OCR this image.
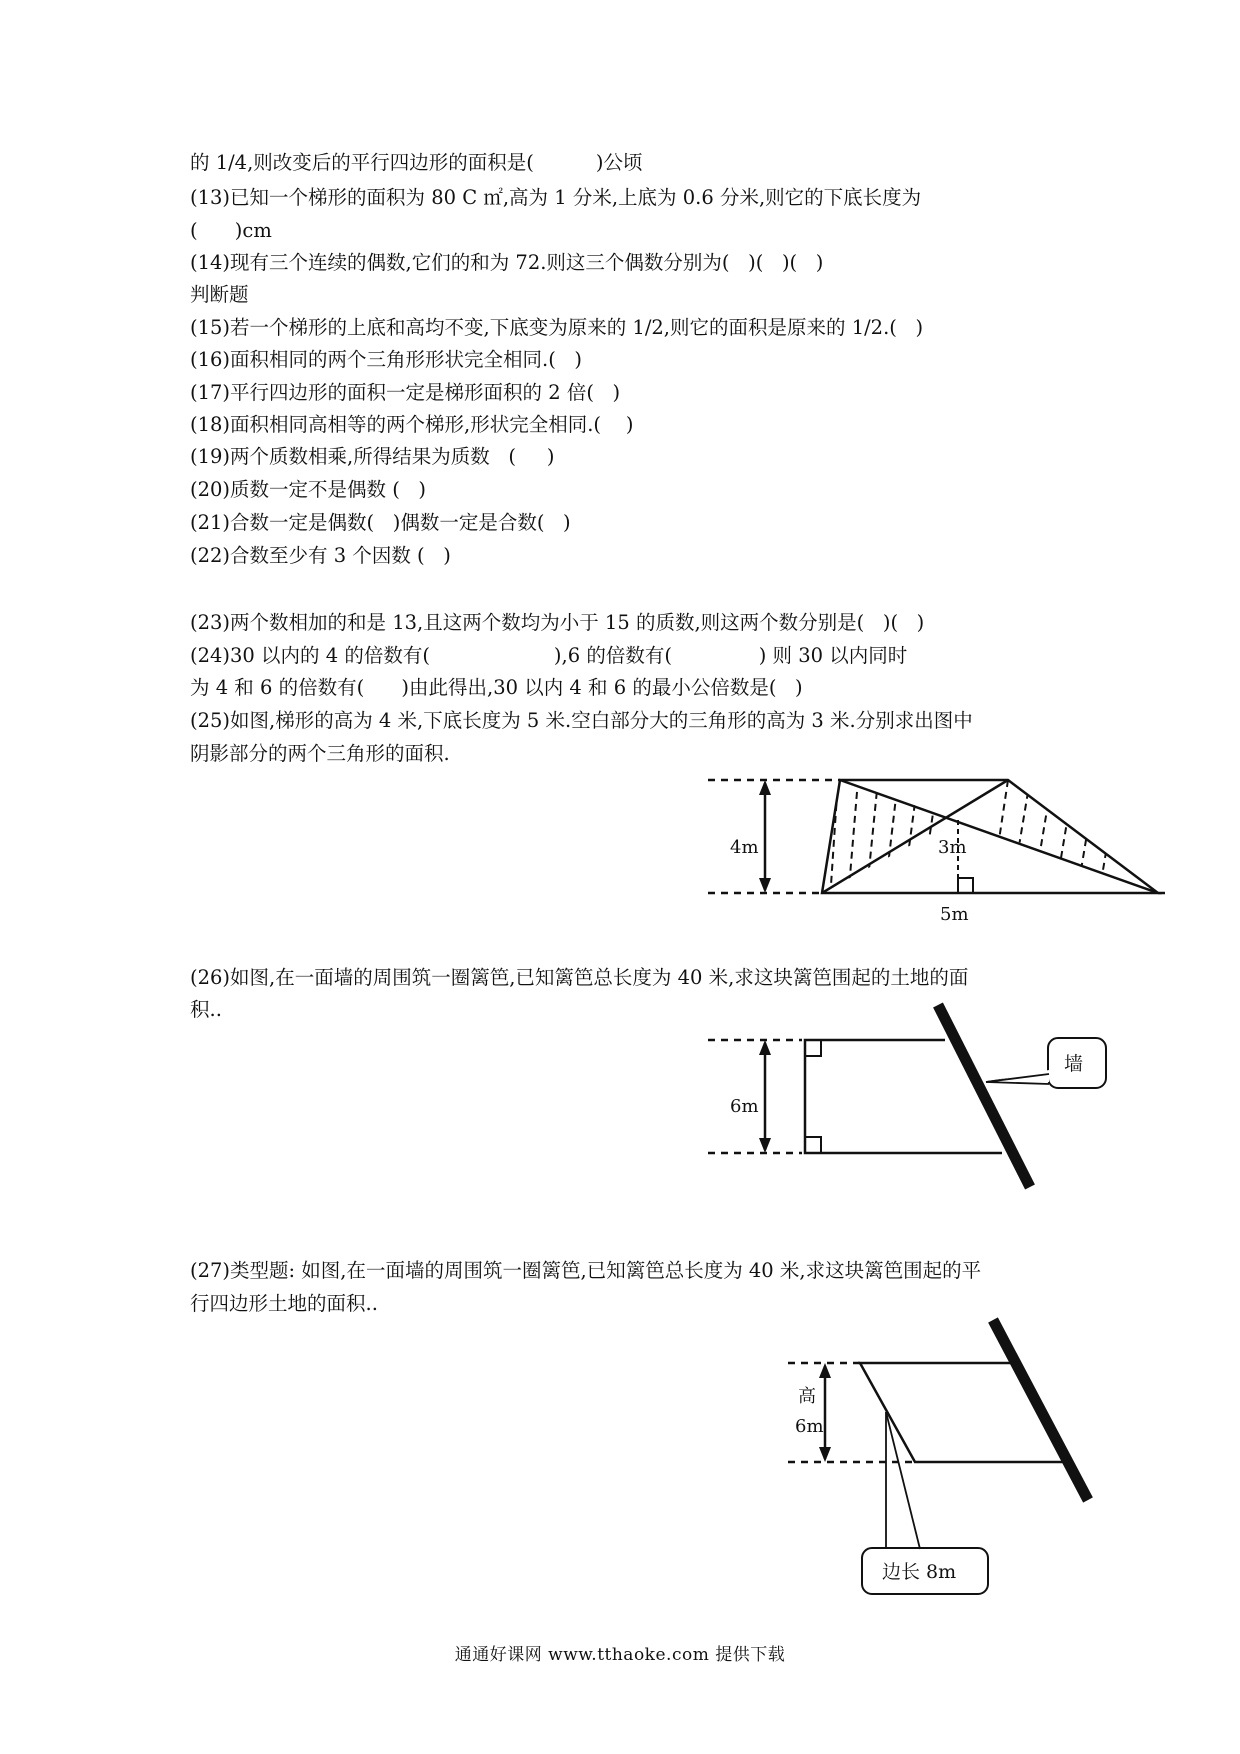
的 1/4,则改变后的平行四边形的面积是(          )公顷
(13)已知一个梯形的面积为 80 C ㎡,高为 1 分米,上底为 0.6 分米,则它的下底长度为
(      )cm
(14)现有三个连续的偶数,它们的和为 72.则这三个偶数分别为(   )(   )(   )
判断题
(15)若一个梯形的上底和高均不变,下底变为原来的 1/2,则它的面积是原来的 1/2.(   )
(16)面积相同的两个三角形形状完全相同.(   )
(17)平行四边形的面积一定是梯形面积的 2 倍(   )
(18)面积相同高相等的两个梯形,形状完全相同.(    )
(19)两个质数相乘,所得结果为质数   (     )
(20)质数一定不是偶数 (   )
(21)合数一定是偶数(   )偶数一定是合数(   )
(22)合数至少有 3 个因数 (   )
(23)两个数相加的和是 13,且这两个数均为小于 15 的质数,则这两个数分别是(   )(   )
(24)30 以内的 4 的倍数有(                    ),6 的倍数有(              ) 则 30 以内同时
为 4 和 6 的倍数有(      )由此得出,30 以内 4 和 6 的最小公倍数是(   )
(25)如图,梯形的高为 4 米,下底长度为 5 米.空白部分大的三角形的高为 3 米.分别求出图中
阴影部分的两个三角形的面积.
(26)如图,在一面墙的周围筑一圈篱笆,已知篱笆总长度为 40 米,求这块篱笆围起的土地的面
积..
(27)类型题: 如图,在一面墙的周围筑一圈篱笆,已知篱笆总长度为 40 米,求这块篱笆围起的平
行四边形土地的面积..
4m	3m
5m
6m
墙
高
6m
边长 8m
通通好课网 www.tthaoke.com 提供下载
